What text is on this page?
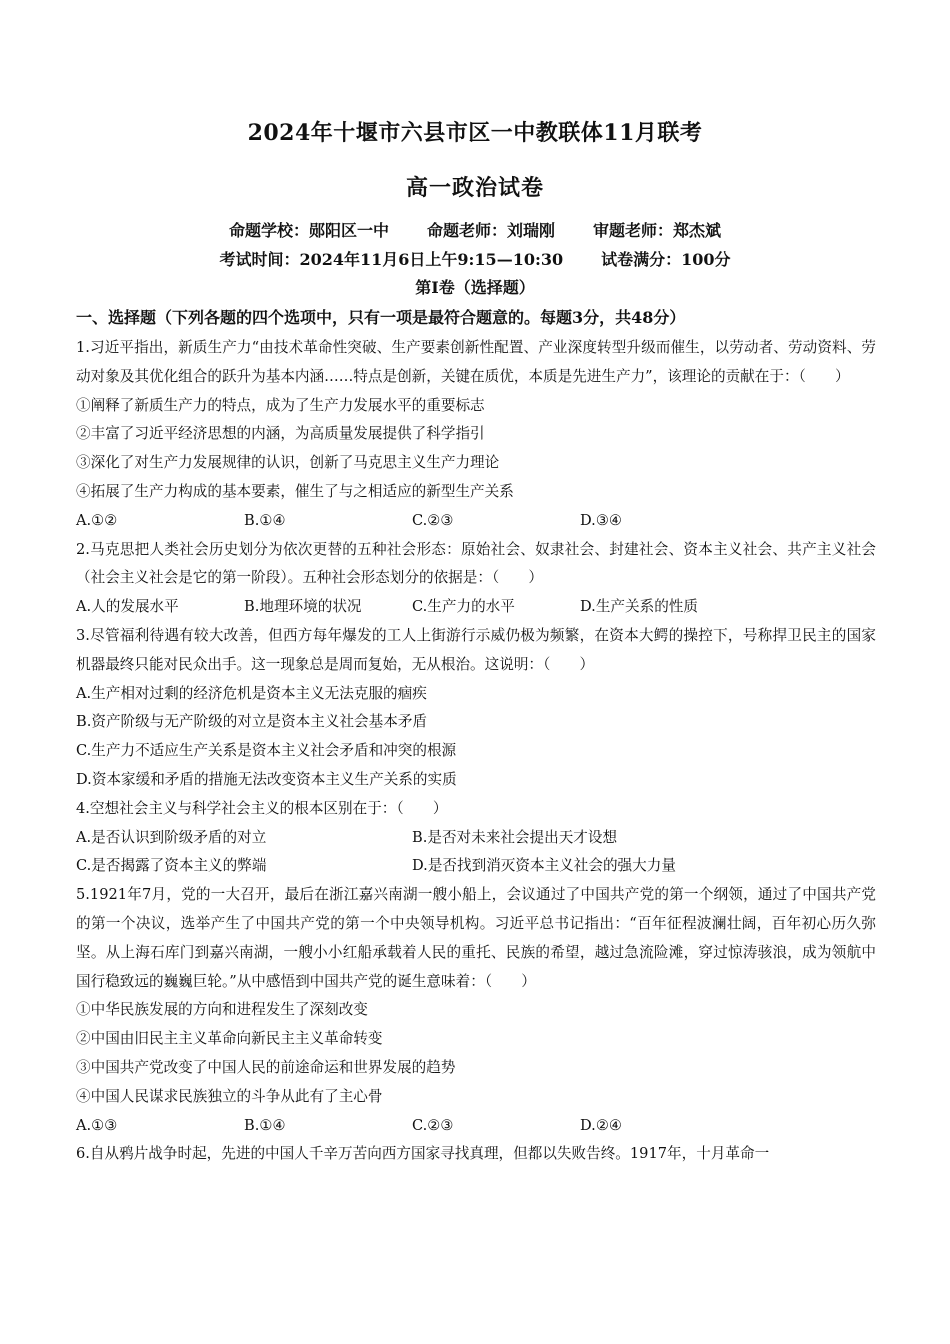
2024年十堰市六县市区一中教联体11月联考
高一政治试卷
命题学校：郧阳区一中 命题老师：刘瑞刚 审题老师：郑杰斌
考试时间：2024年11月6日上午9:15—10:30 试卷满分：100分
第Ⅰ卷（选择题）
一、选择题（下列各题的四个选项中，只有一项是最符合题意的。每题3分，共48分）

1.习近平指出，新质生产力“由技术革命性突破、生产要素创新性配置、产业深度转型升级而催生，以劳动者、劳动资料、劳动对象及其优化组合的跃升为基本内涵……特点是创新，关键在质优，本质是先进生产力”，该理论的贡献在于：（　　）

①阐释了新质生产力的特点，成为了生产力发展水平的重要标志

②丰富了习近平经济思想的内涵，为高质量发展提供了科学指引

③深化了对生产力发展规律的认识，创新了马克思主义生产力理论

④拓展了生产力构成的基本要素，催生了与之相适应的新型生产关系

A.①②	B.①④	C.②③	D.③④

2.马克思把人类社会历史划分为依次更替的五种社会形态：原始社会、奴隶社会、封建社会、资本主义社会、共产主义社会（社会主义社会是它的第一阶段）。五种社会形态划分的依据是：（　　）

A.人的发展水平	B.地理环境的状况	C.生产力的水平	D.生产关系的性质

3.尽管福利待遇有较大改善，但西方每年爆发的工人上街游行示威仍极为频繁，在资本大鳄的操控下，号称捍卫民主的国家机器最终只能对民众出手。这一现象总是周而复始，无从根治。这说明：（　　）

A.生产相对过剩的经济危机是资本主义无法克服的痼疾

B.资产阶级与无产阶级的对立是资本主义社会基本矛盾

C.生产力不适应生产关系是资本主义社会矛盾和冲突的根源

D.资本家缓和矛盾的措施无法改变资本主义生产关系的实质

4.空想社会主义与科学社会主义的根本区别在于：（　　）

A.是否认识到阶级矛盾的对立	B.是否对未来社会提出天才设想
C.是否揭露了资本主义的弊端	D.是否找到消灭资本主义社会的强大力量

5.1921年7月，党的一大召开，最后在浙江嘉兴南湖一艘小船上，会议通过了中国共产党的第一个纲领，通过了中国共产党的第一个决议，选举产生了中国共产党的第一个中央领导机构。习近平总书记指出：“百年征程波澜壮阔，百年初心历久弥坚。从上海石库门到嘉兴南湖，一艘小小红船承载着人民的重托、民族的希望，越过急流险滩，穿过惊涛骇浪，成为领航中国行稳致远的巍巍巨轮。”从中感悟到中国共产党的诞生意味着：（　　）

①中华民族发展的方向和进程发生了深刻改变

②中国由旧民主主义革命向新民主主义革命转变

③中国共产党改变了中国人民的前途命运和世界发展的趋势

④中国人民谋求民族独立的斗争从此有了主心骨

A.①③	B.①④	C.②③	D.②④

6.自从鸦片战争时起，先进的中国人千辛万苦向西方国家寻找真理，但都以失败告终。1917年，十月革命一
